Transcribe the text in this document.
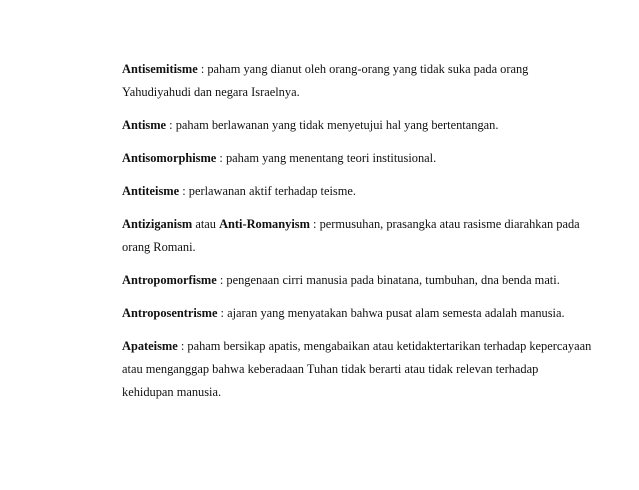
Antisemitisme : paham yang dianut oleh orang-orang yang tidak suka pada orang Yahudiyahudi dan negara Israelnya.

Antisme : paham berlawanan yang tidak menyetujui hal yang bertentangan.

Antisomorphisme : paham yang menentang teori institusional.

Antiteisme : perlawanan aktif terhadap teisme.

Antiziganism atau Anti-Romanyism : permusuhan, prasangka atau rasisme diarahkan pada orang Romani.

Antropomorfisme : pengenaan cirri manusia pada binatana, tumbuhan, dna benda mati.

Antroposentrisme : ajaran yang menyatakan bahwa pusat alam semesta adalah manusia.

Apateisme : paham bersikap apatis, mengabaikan atau ketidaktertarikan terhadap kepercayaan atau menganggap bahwa keberadaan Tuhan tidak berarti atau tidak relevan terhadap kehidupan manusia.
